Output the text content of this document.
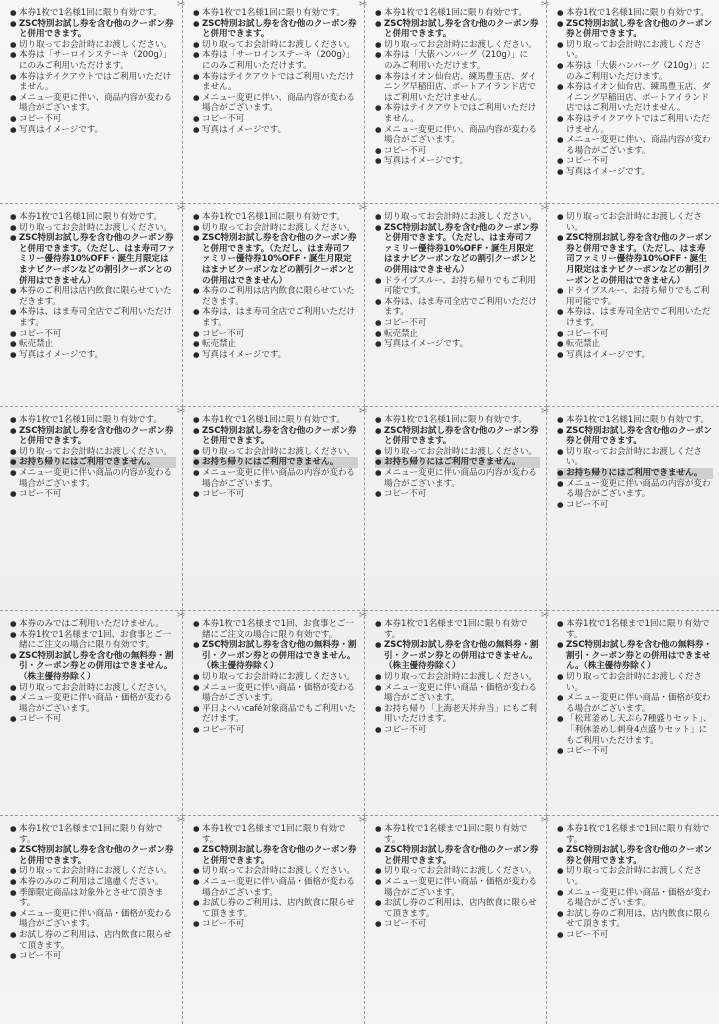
● 本券1枚で1名様1回に限り有効です。
● ZSC特別お試し券を含む他のクーポン券と併用できます。
● 切り取ってお会計時にお渡しください。
● 本券は「サーロインステーキ（200g）」
にのみご利用いただけます。
● 本券はテイクアウトではご利用いただけません。
● メニュー変更に伴い、商品内容が変わる場合がございます。
● コピー不可
● 写真はイメージです。
✂
● 本券1枚で1名様1回に限り有効です。
● ZSC特別お試し券を含む他のクーポン券と併用できます。
● 切り取ってお会計時にお渡しください。
● 本券は「サーロインステーキ（200g）」
にのみご利用いただけます。
● 本券はテイクアウトではご利用いただけません。
● メニュー変更に伴い、商品内容が変わる場合がございます。
● コピー不可
● 写真はイメージです。
✂
● 本券1枚で1名様1回に限り有効です。
● ZSC特別お試し券を含む他のクーポン券と併用できます。
● 切り取ってお会計時にお渡しください。
● 本券は「大俵ハンバーグ（210g）」に
のみご利用いただけます。
● 本券はイオン仙台店、練馬豊玉店、ダイニング早稲田店、ボートアイランド店ではご利用いただけません。
● 本券はテイクアウトではご利用いただけません。
● メニュー変更に伴い、商品内容が変わる場合がございます。
● コピー不可
● 写真はイメージです。
✂
● 本券1枚で1名様1回に限り有効です。
● ZSC特別お試し券を含む他のクーポン券と併用できます。
● 切り取ってお会計時にお渡しください。
● 本券は「大俵ハンバーグ（210g）」に
のみご利用いただけます。
● 本券はイオン仙台店、練馬豊玉店、ダイニング早稲田店、ボートアイランド店ではご利用いただけません。
● 本券はテイクアウトではご利用いただけません。
● メニュー変更に伴い、商品内容が変わる場合がございます。
● コピー不可
● 写真はイメージです。
● 本券1枚で1名様1回に限り有効です。
● 切り取ってお会計時にお渡しください。
● ZSC特別お試し券を含む他のクーポン券と併用できます。（ただし、はま寿司ファミリー優待券10%OFF・誕生月限定はまナビクーポンなどの割引クーポンとの併用はできません）
● 本券のご利用は店内飲食に限らせていただきます。
● 本券は、はま寿司全店でご利用いただけます。
● コピー不可
● 転売禁止
● 写真はイメージです。
✂
● 本券1枚で1名様1回に限り有効です。
● 切り取ってお会計時にお渡しください。
● ZSC特別お試し券を含む他のクーポン券と併用できます。（ただし、はま寿司ファミリー優待券10%OFF・誕生月限定はまナビクーポンなどの割引クーポンとの併用はできません）
● 本券のご利用は店内飲食に限らせていただきます。
● 本券は、はま寿司全店でご利用いただけます。
● コピー不可
● 転売禁止
● 写真はイメージです。
✂
● 切り取ってお会計時にお渡しください。
● ZSC特別お試し券を含む他のクーポン券と併用できます。（ただし、はま寿司ファミリー優待券10%OFF・誕生月限定はまナビクーポンなどの割引クーポンとの併用はできません）
● ドライブスルー、お持ち帰りでもご利用可能です。
● 本券は、はま寿司全店でご利用いただけます。
● コピー不可
● 転売禁止
● 写真はイメージです。
✂
● 切り取ってお会計時にお渡しください。
● ZSC特別お試し券を含む他のクーポン券と併用できます。（ただし、はま寿司ファミリー優待券10%OFF・誕生月限定はまナビクーポンなどの割引クーポンとの併用はできません）
● ドライブスルー、お持ち帰りでもご利用可能です。
● 本券は、はま寿司全店でご利用いただけます。
● コピー不可
● 転売禁止
● 写真はイメージです。
● 本券1枚で1名様1回に限り有効です。
● ZSC特別お試し券を含む他のクーポン券と併用できます。
● 切り取ってお会計時にお渡しください。
● お持ち帰りにはご利用できません。
● メニュー変更に伴い商品の内容が変わる場合がございます。
● コピー不可
✂
● 本券1枚で1名様1回に限り有効です。
● ZSC特別お試し券を含む他のクーポン券と併用できます。
● 切り取ってお会計時にお渡しください。
● お持ち帰りにはご利用できません。
● メニュー変更に伴い商品の内容が変わる場合がございます。
● コピー不可
✂
● 本券1枚で1名様1回に限り有効です。
● ZSC特別お試し券を含む他のクーポン券と併用できます。
● 切り取ってお会計時にお渡しください。
● お持ち帰りにはご利用できません。
● メニュー変更に伴い商品の内容が変わる場合がございます。
● コピー不可
✂
● 本券1枚で1名様1回に限り有効です。
● ZSC特別お試し券を含む他のクーポン券と併用できます。
● 切り取ってお会計時にお渡しください。
● お持ち帰りにはご利用できません。
● メニュー変更に伴い商品の内容が変わる場合がございます。
● コピー不可
● 本券のみではご利用いただけません。
● 本券1枚で1名様まで1回、お食事とご一緒にご注文の場合に限り有効です。
● ZSC特別お試し券を含む他の無料券・割引・クーポン券との併用はできません。（株主優待券除く）
● 切り取ってお会計時にお渡しください。
● メニュー変更に伴い商品・価格が変わる場合がございます。
● コピー不可
✂
● 本券1枚で1名様まで1回、お食事とご一緒にご注文の場合に限り有効です。
● ZSC特別お試し券を含む他の無料券・割引・クーポン券との併用はできません。（株主優待券除く）
● 切り取ってお会計時にお渡しください。
● メニュー変更に伴い商品・価格が変わる場合がございます。
● 平日よへいcafé対象商品でもご利用いただけます。
● コピー不可
✂
● 本券1枚で1名様まで1回に限り有効です。
● ZSC特別お試し券を含む他の無料券・割引・クーポン券との併用はできません。（株主優待券除く）
● 切り取ってお会計時にお渡しください。
● メニュー変更に伴い商品・価格が変わる場合がございます。
● お持ち帰り「上海老天丼弁当」にもご利用いただけます。
● コピー不可
✂
● 本券1枚で1名様まで1回に限り有効です。
● ZSC特別お試し券を含む他の無料券・割引・クーポン券との併用はできません。（株主優待券除く）
● 切り取ってお会計時にお渡しください。
● メニュー変更に伴い商品・価格が変わる場合がございます。
● 「松茸釜めし天ぷら7種盛りセット」、「利休釜めし刺身4点盛りセット」にもご利用いただけます。
● コピー不可
● 本券1枚で1名様まで1回に限り有効です。
● ZSC特別お試し券を含む他のクーポン券と併用できます。
● 切り取ってお会計時にお渡しください。
● 本券のみのご利用はご遠慮ください。
● 季節限定商品は対象外とさせて頂きます。
● メニュー変更に伴い商品・価格が変わる場合がございます。
● お試し券のご利用は、店内飲食に限らせて頂きます。
● コピー不可
✂
● 本券1枚で1名様まで1回に限り有効です。
● ZSC特別お試し券を含む他のクーポン券と併用できます。
● 切り取ってお会計時にお渡しください。
● メニュー変更に伴い商品・価格が変わる場合がございます。
● お試し券のご利用は、店内飲食に限らせて頂きます。
● コピー不可
✂
● 本券1枚で1名様まで1回に限り有効です。
● ZSC特別お試し券を含む他のクーポン券と併用できます。
● 切り取ってお会計時にお渡しください。
● メニュー変更に伴い商品・価格が変わる場合がございます。
● お試し券のご利用は、店内飲食に限らせて頂きます。
● コピー不可
✂
● 本券1枚で1名様まで1回に限り有効です。
● ZSC特別お試し券を含む他のクーポン券と併用できます。
● 切り取ってお会計時にお渡しください。
● メニュー変更に伴い商品・価格が変わる場合がございます。
● お試し券のご利用は、店内飲食に限らせて頂きます。
● コピー不可
